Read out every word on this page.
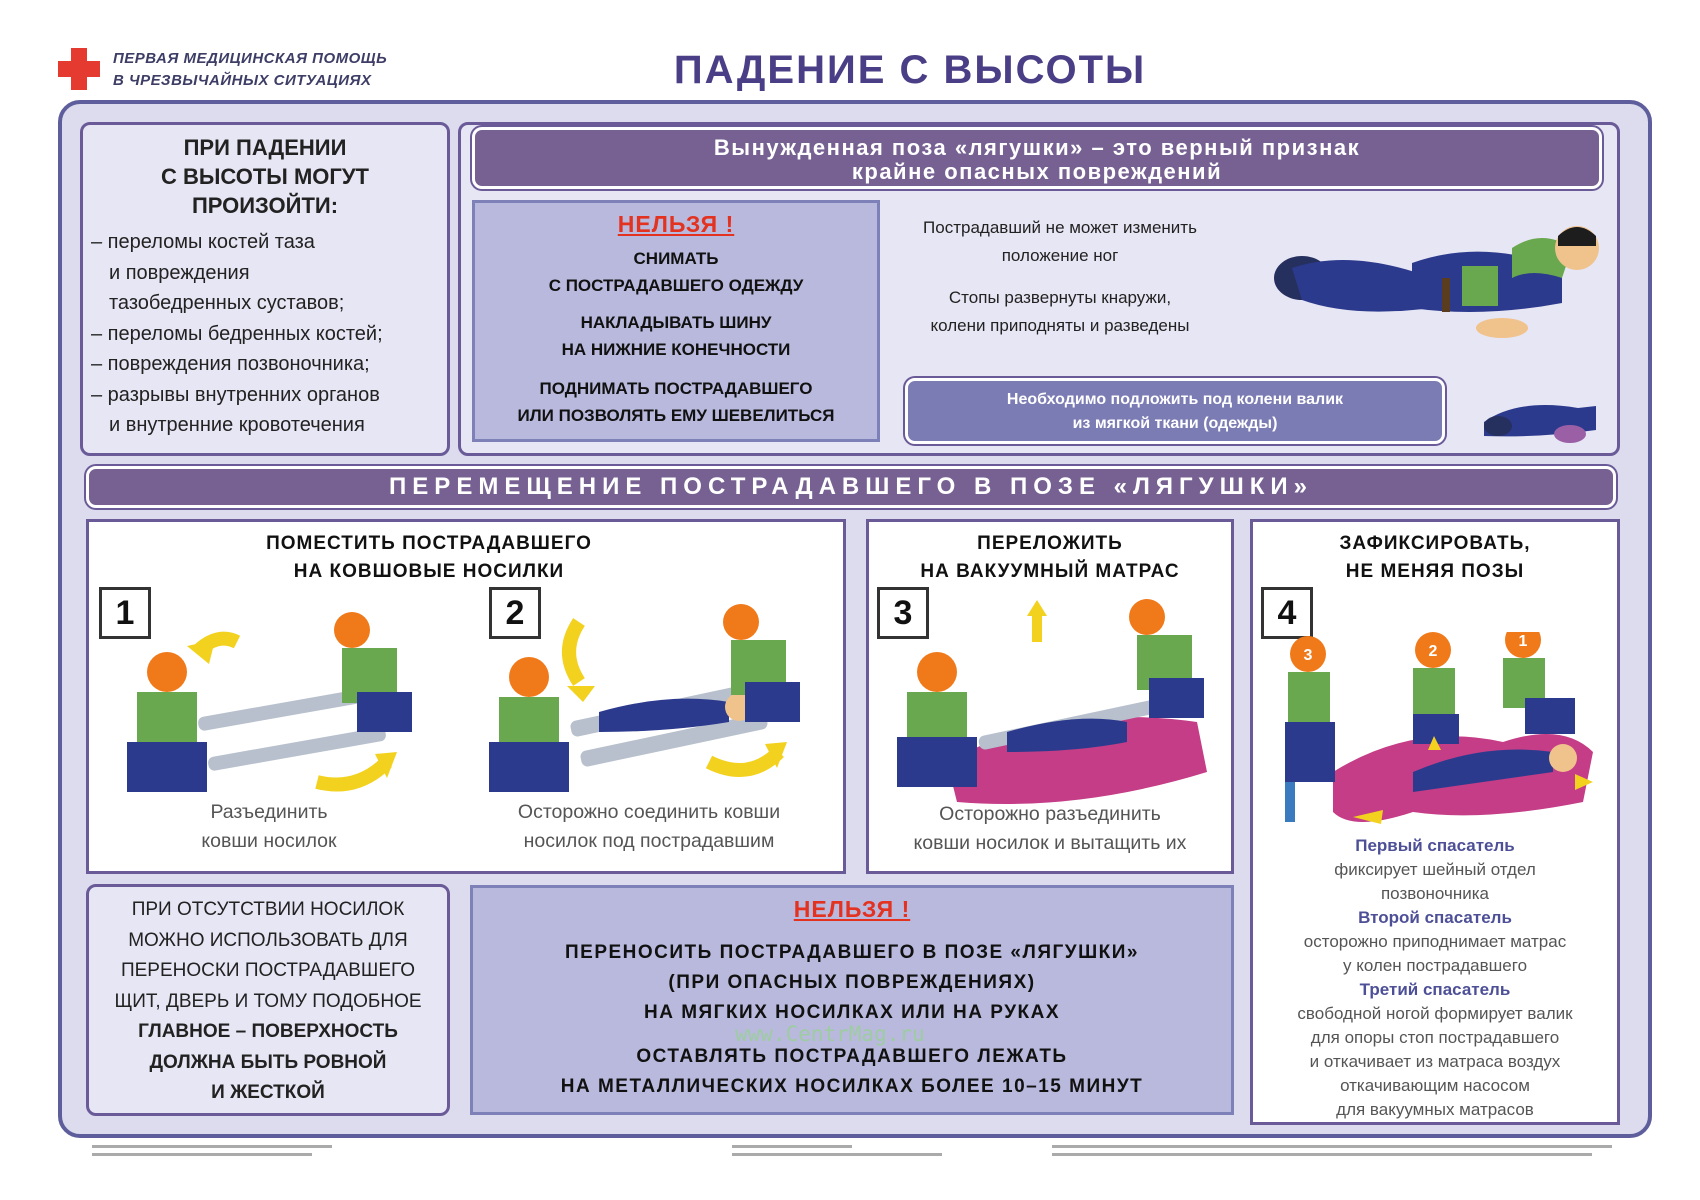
ПЕРВАЯ МЕДИЦИНСКАЯ ПОМОЩЬ
В ЧРЕЗВЫЧАЙНЫХ СИТУАЦИЯХ	ПАДЕНИЕ С ВЫСОТЫ
ПРИ ПАДЕНИИ
С ВЫСОТЫ МОГУТ
ПРОИЗОЙТИ:
– переломы костей таза
и повреждения
тазобедренных суставов;
– переломы бедренных костей;
– повреждения позвоночника;
– разрывы внутренних органов
и внутренние кровотечения
Вынужденная поза «лягушки» – это верный признак
крайне опасных повреждений
НЕЛЬЗЯ !
СНИМАТЬ
С ПОСТРАДАВШЕГО ОДЕЖДУ
НАКЛАДЫВАТЬ ШИНУ
НА НИЖНИЕ КОНЕЧНОСТИ
ПОДНИМАТЬ ПОСТРАДАВШЕГО
ИЛИ ПОЗВОЛЯТЬ ЕМУ ШЕВЕЛИТЬСЯ
Пострадавший не может изменить
положение ног
Стопы развернуты кнаружи,
колени приподняты и разведены
Необходимо подложить под колени валик
из мягкой ткани (одежды)
ПЕРЕМЕЩЕНИЕ ПОСТРАДАВШЕГО В ПОЗЕ «ЛЯГУШКИ»
ПОМЕСТИТЬ ПОСТРАДАВШЕГО
НА КОВШОВЫЕ НОСИЛКИ
1	2
Разъединить
ковши носилок
Осторожно соединить ковши
носилок под пострадавшим
ПЕРЕЛОЖИТЬ
НА ВАКУУМНЫЙ МАТРАС
3
Осторожно разъединить
ковши носилок и вытащить их
ЗАФИКСИРОВАТЬ,
НЕ МЕНЯЯ ПОЗЫ
4
3	2
1
Первый спасатель
фиксирует шейный отдел
позвоночника
Второй спасатель
осторожно приподнимает матрас
у колен пострадавшего
Третий спасатель
свободной ногой формирует валик
для опоры стоп пострадавшего
и откачивает из матраса воздух
откачивающим насосом
для вакуумных матрасов
ПРИ ОТСУТСТВИИ НОСИЛОК
МОЖНО ИСПОЛЬЗОВАТЬ ДЛЯ
ПЕРЕНОСКИ ПОСТРАДАВШЕГО
ЩИТ, ДВЕРЬ И ТОМУ ПОДОБНОЕ
ГЛАВНОЕ – ПОВЕРХНОСТЬ
ДОЛЖНА БЫТЬ РОВНОЙ
И ЖЕСТКОЙ
НЕЛЬЗЯ !
ПЕРЕНОСИТЬ ПОСТРАДАВШЕГО В ПОЗЕ «ЛЯГУШКИ»
(ПРИ ОПАСНЫХ ПОВРЕЖДЕНИЯХ)
НА МЯГКИХ НОСИЛКАХ ИЛИ НА РУКАХ
ОСТАВЛЯТЬ ПОСТРАДАВШЕГО ЛЕЖАТЬ
НА МЕТАЛЛИЧЕСКИХ НОСИЛКАХ БОЛЕЕ 10–15 МИНУТ
www.CentrMag.ru
